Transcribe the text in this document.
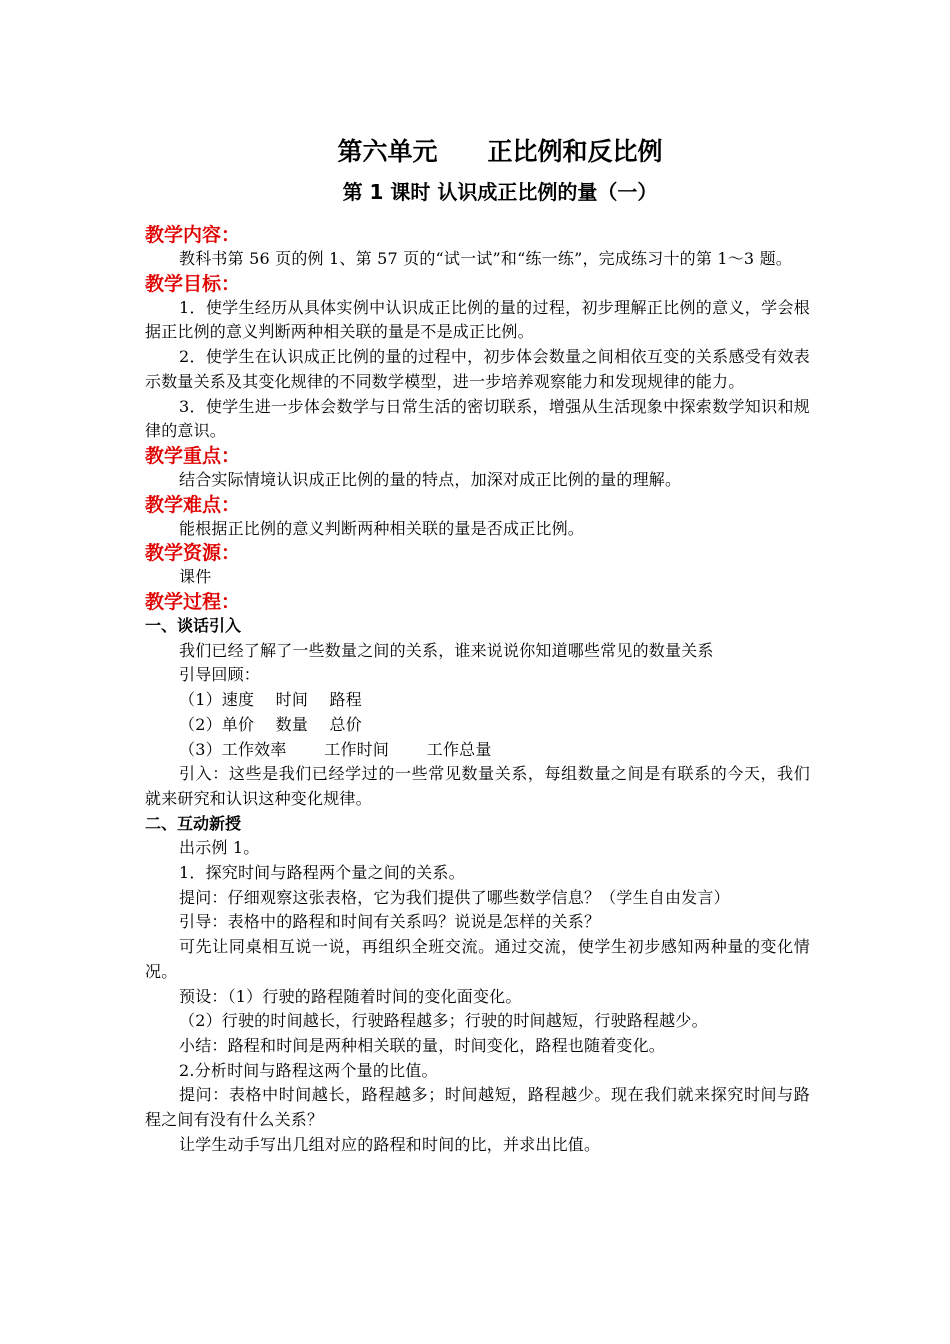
第六单元 正比例和反比例
第 1 课时 认识成正比例的量（一）
教学内容：

教科书第 56 页的例 1、第 57 页的“试一试”和“练一练”，完成练习十的第 1～3 题。

教学目标：

1．使学生经历从具体实例中认识成正比例的量的过程，初步理解正比例的意义，学会根据正比例的意义判断两种相关联的量是不是成正比例。

2．使学生在认识成正比例的量的过程中，初步体会数量之间相依互变的关系感受有效表示数量关系及其变化规律的不同数学模型，进一步培养观察能力和发现规律的能力。

3．使学生进一步体会数学与日常生活的密切联系，增强从生活现象中探索数学知识和规律的意识。

教学重点：

结合实际情境认识成正比例的量的特点，加深对成正比例的量的理解。

教学难点：

能根据正比例的意义判断两种相关联的量是否成正比例。

教学资源：

课件

教学过程：
一、谈话引入

我们已经了解了一些数量之间的关系，谁来说说你知道哪些常见的数量关系

引导回顾：

（1）速度　 时间　 路程

（2）单价　 数量　 总价

（3）工作效率　　 工作时间　　 工作总量

引入：这些是我们已经学过的一些常见数量关系，每组数量之间是有联系的今天，我们就来研究和认识这种变化规律。

二、互动新授

出示例 1。

1．探究时间与路程两个量之间的关系。

提问：仔细观察这张表格，它为我们提供了哪些数学信息？（学生自由发言）

引导：表格中的路程和时间有关系吗？说说是怎样的关系？

可先让同桌相互说一说，再组织全班交流。通过交流，使学生初步感知两种量的变化情况。

预设：（1）行驶的路程随着时间的变化面变化。

（2）行驶的时间越长，行驶路程越多；行驶的时间越短，行驶路程越少。

小结：路程和时间是两种相关联的量，时间变化，路程也随着变化。

2.分析时间与路程这两个量的比值。

提问：表格中时间越长，路程越多；时间越短，路程越少。现在我们就来探究时间与路程之间有没有什么关系？

让学生动手写出几组对应的路程和时间的比，并求出比值。
